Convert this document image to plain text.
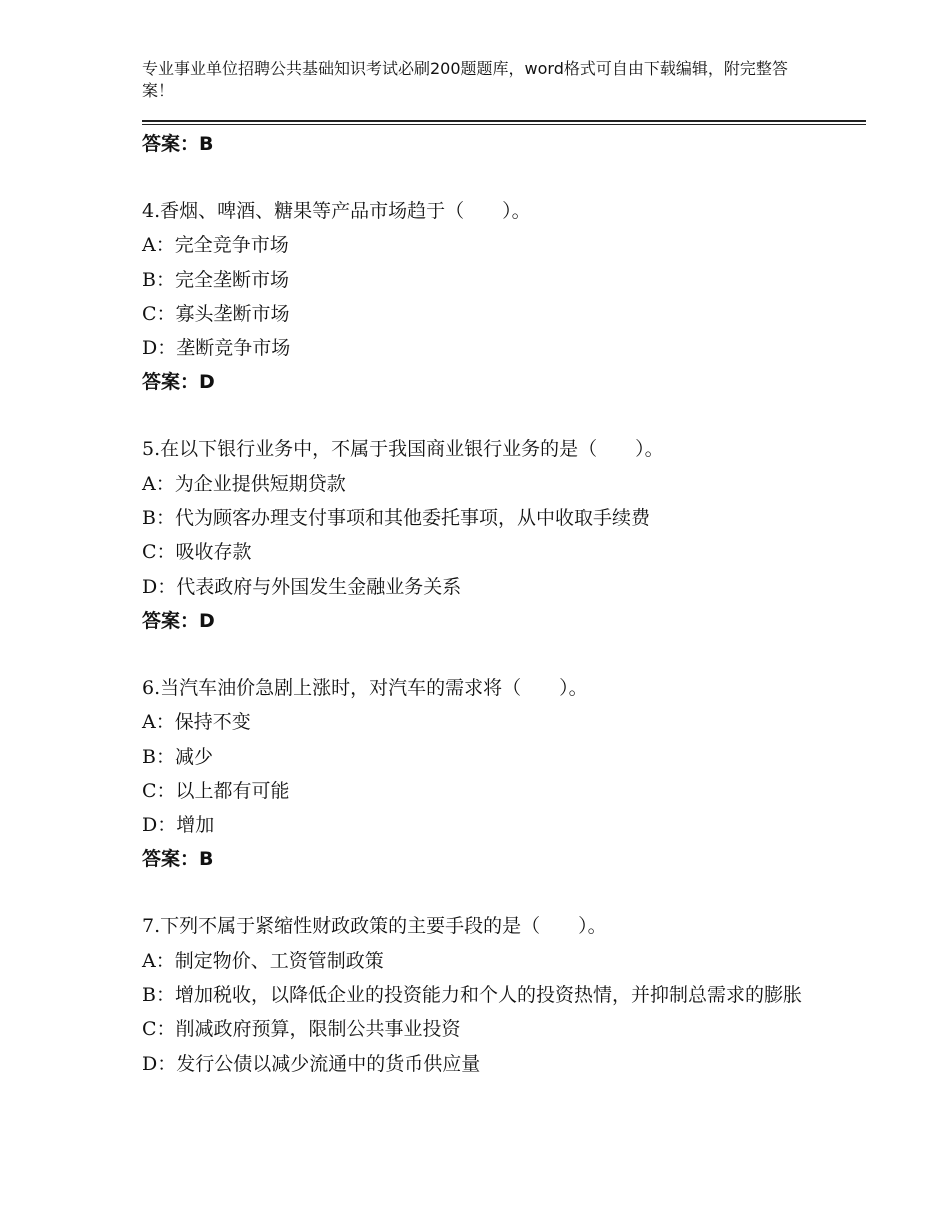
专业事业单位招聘公共基础知识考试必刷200题题库，word格式可自由下载编辑，附完整答案！
答案：B
4.香烟、啤酒、糖果等产品市场趋于（　　）。
A：完全竞争市场
B：完全垄断市场
C：寡头垄断市场
D：垄断竞争市场
答案：D
5.在以下银行业务中，不属于我国商业银行业务的是（　　）。
A：为企业提供短期贷款
B：代为顾客办理支付事项和其他委托事项，从中收取手续费
C：吸收存款
D：代表政府与外国发生金融业务关系
答案：D
6.当汽车油价急剧上涨时，对汽车的需求将（　　）。
A：保持不变
B：减少
C：以上都有可能
D：增加
答案：B
7.下列不属于紧缩性财政政策的主要手段的是（　　）。
A：制定物价、工资管制政策
B：增加税收，以降低企业的投资能力和个人的投资热情，并抑制总需求的膨胀
C：削减政府预算，限制公共事业投资
D：发行公债以减少流通中的货币供应量
